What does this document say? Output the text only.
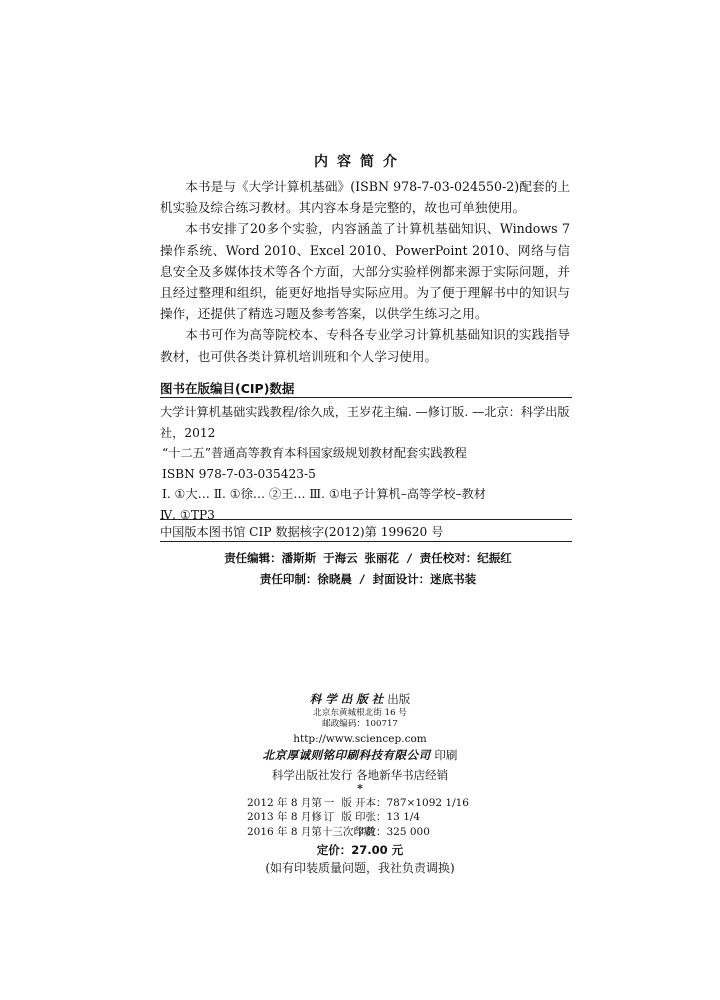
内容简介

本书是与《大学计算机基础》(ISBN 978-7-03-024550-2)配套的上机实验及综合练习教材。其内容本身是完整的，故也可单独使用。

本书安排了20多个实验，内容涵盖了计算机基础知识、Windows 7操作系统、Word 2010、Excel 2010、PowerPoint 2010、网络与信息安全及多媒体技术等各个方面，大部分实验样例都来源于实际问题，并且经过整理和组织，能更好地指导实际应用。为了便于理解书中的知识与操作，还提供了精选习题及参考答案，以供学生练习之用。

本书可作为高等院校本、专科各专业学习计算机基础知识的实践指导教材，也可供各类计算机培训班和个人学习使用。

图书在版编目(CIP)数据
大学计算机基础实践教程/徐久成，王岁花主编. —修订版. —北京：科学出版
社，2012
“十二五”普通高等教育本科国家级规划教材配套实践教程
ISBN 978-7-03-035423-5
Ⅰ. ①大… Ⅱ. ①徐… ②王… Ⅲ. ①电子计算机–高等学校–教材
Ⅳ. ①TP3
中国版本图书馆 CIP 数据核字(2012)第 199620 号
责任编辑：潘斯斯 于海云 张丽花 / 责任校对：纪振红
责任印制：徐晓晨 / 封面设计：迷底书装
科学出版社出版
北京东黄城根北街 16 号
邮政编码：100717
http://www.sciencep.com
北京厚诚则铭印刷科技有限公司 印刷
科学出版社发行 各地新华书店经销
*
2012 年 8 月第 一 版 开本：787×1092 1/16
2013 年 8 月修 订 版 印张：13 1/4
2016 年 8 月第十三次印刷字数：325 000
定价：27.00 元
(如有印装质量问题，我社负责调换)
